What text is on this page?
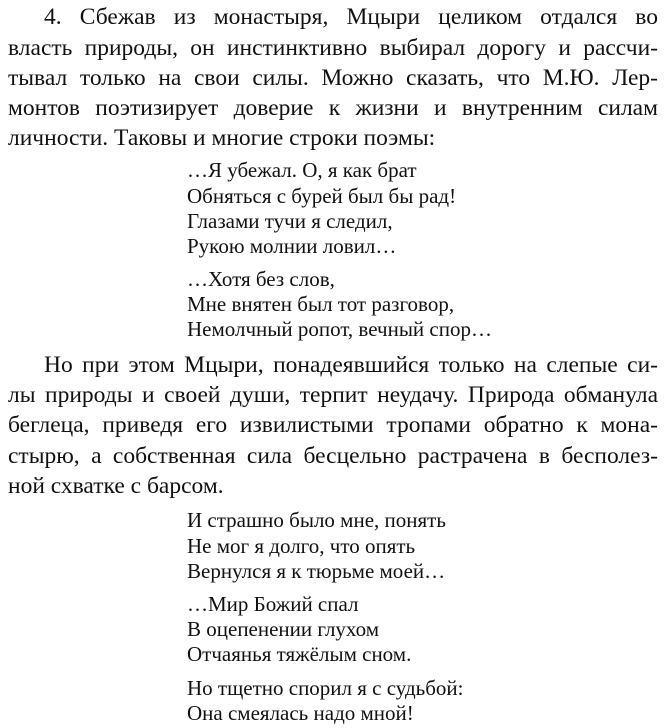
4. Сбежав из монастыря, Мцыри целиком отдался во
власть природы, он инстинктивно выбирал дорогу и рассчи-
тывал только на свои силы. Можно сказать, что М.Ю. Лер-
монтов поэтизирует доверие к жизни и внутренним силам
личности. Таковы и многие строки поэмы:
…Я убежал. О, я как брат
Обняться с бурей был бы рад!
Глазами тучи я следил,
Рукою молнии ловил…
…Хотя без слов,
Мне внятен был тот разговор,
Немолчный ропот, вечный спор…
Но при этом Мцыри, понадеявшийся только на слепые си-
лы природы и своей души, терпит неудачу. Природа обманула
беглеца, приведя его извилистыми тропами обратно к мона-
стырю, а собственная сила бесцельно растрачена в бесполез-
ной схватке с барсом.
И страшно было мне, понять
Не мог я долго, что опять
Вернулся я к тюрьме моей…
…Мир Божий спал
В оцепенении глухом
Отчаянья тяжёлым сном.
Но тщетно спорил я с судьбой:
Она смеялась надо мной!
